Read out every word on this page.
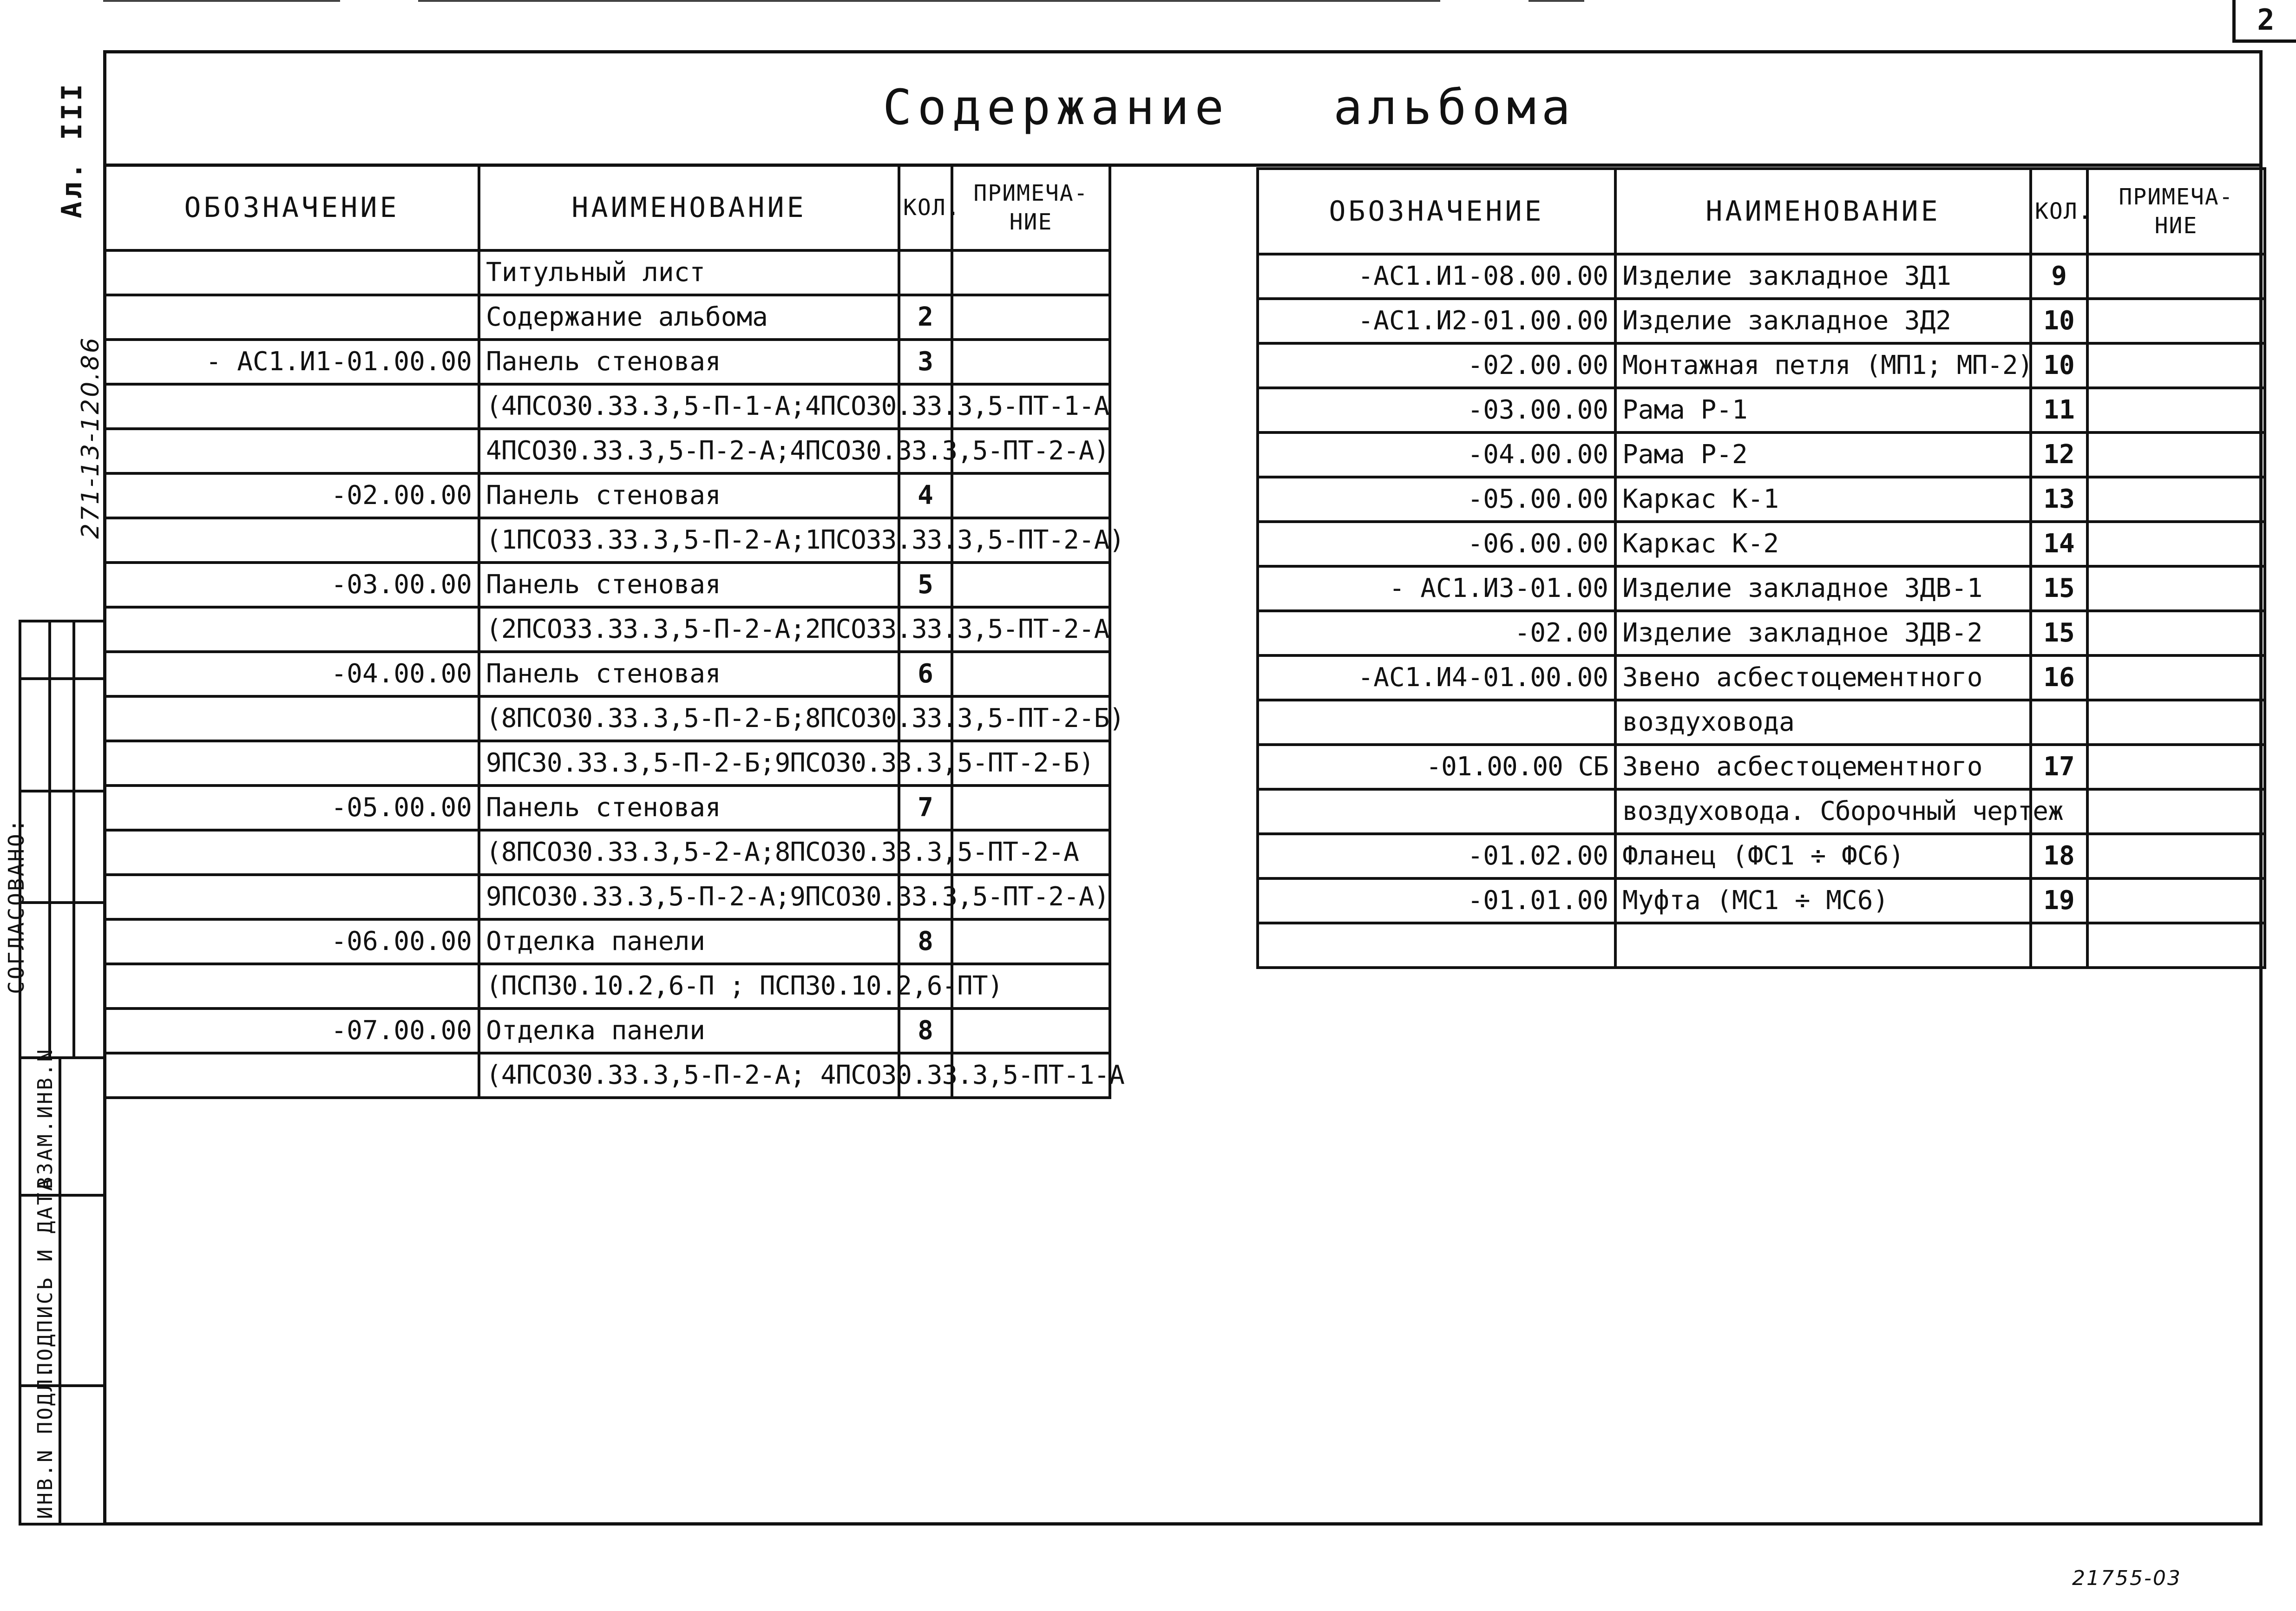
2
Содержание   альбома
Ал. III
271-13-120.86
СОГЛАСОВАНО:
ВЗАМ.ИНВ.N
ПОДПИСЬ И ДАТА
ИНВ.N ПОДЛ.
ОБОЗНАЧЕНИЕ	НАИМЕНОВАНИЕ	КОЛ.	ПРИМЕЧА- НИЕ
	Титульный лист		
	Содержание альбома	2	
- АС1.И1-01.00.00	Панель стеновая	3	
	(4ПСО30.33.3,5-П-1-А;4ПСО30.33.3,5-ПТ-1-А		
	4ПСО30.33.3,5-П-2-А;4ПСО30.33.3,5-ПТ-2-А)		
-02.00.00	Панель стеновая	4	
	(1ПСО33.33.3,5-П-2-А;1ПСО33.33.3,5-ПТ-2-А)		
-03.00.00	Панель стеновая	5	
	(2ПСО33.33.3,5-П-2-А;2ПСО33.33.3,5-ПТ-2-А		
-04.00.00	Панель стеновая	6	
	(8ПСО30.33.3,5-П-2-Б;8ПСО30.33.3,5-ПТ-2-Б)		
	9ПС30.33.3,5-П-2-Б;9ПСО30.33.3,5-ПТ-2-Б)		
-05.00.00	Панель стеновая	7	
	(8ПСО30.33.3,5-2-А;8ПСО30.33.3,5-ПТ-2-А		
	9ПСО30.33.3,5-П-2-А;9ПСО30.33.3,5-ПТ-2-А)		
-06.00.00	Отделка панели	8	
	(ПСП30.10.2,6-П ; ПСП30.10.2,6-ПТ)		
-07.00.00	Отделка панели	8	
	(4ПСО30.33.3,5-П-2-А; 4ПСО30.33.3,5-ПТ-1-А		
ОБОЗНАЧЕНИЕ	НАИМЕНОВАНИЕ	КОЛ.	ПРИМЕЧА- НИЕ
-АС1.И1-08.00.00	Изделие закладное ЗД1	9	
-АС1.И2-01.00.00	Изделие закладное ЗД2	10	
-02.00.00	Монтажная петля (МП1; МП-2)	10	
-03.00.00	Рама Р-1	11	
-04.00.00	Рама Р-2	12	
-05.00.00	Каркас К-1	13	
-06.00.00	Каркас К-2	14	
- АС1.И3-01.00	Изделие закладное ЗДВ-1	15	
-02.00	Изделие закладное ЗДВ-2	15	
-АС1.И4-01.00.00	Звено асбестоцементного	16	
	воздуховода		
-01.00.00 СБ	Звено асбестоцементного	17	
	воздуховода. Сборочный чертеж		
-01.02.00	Фланец (ФС1 ÷ ФС6)	18	
-01.01.00	Муфта (МС1 ÷ МС6)	19	

21755-03
